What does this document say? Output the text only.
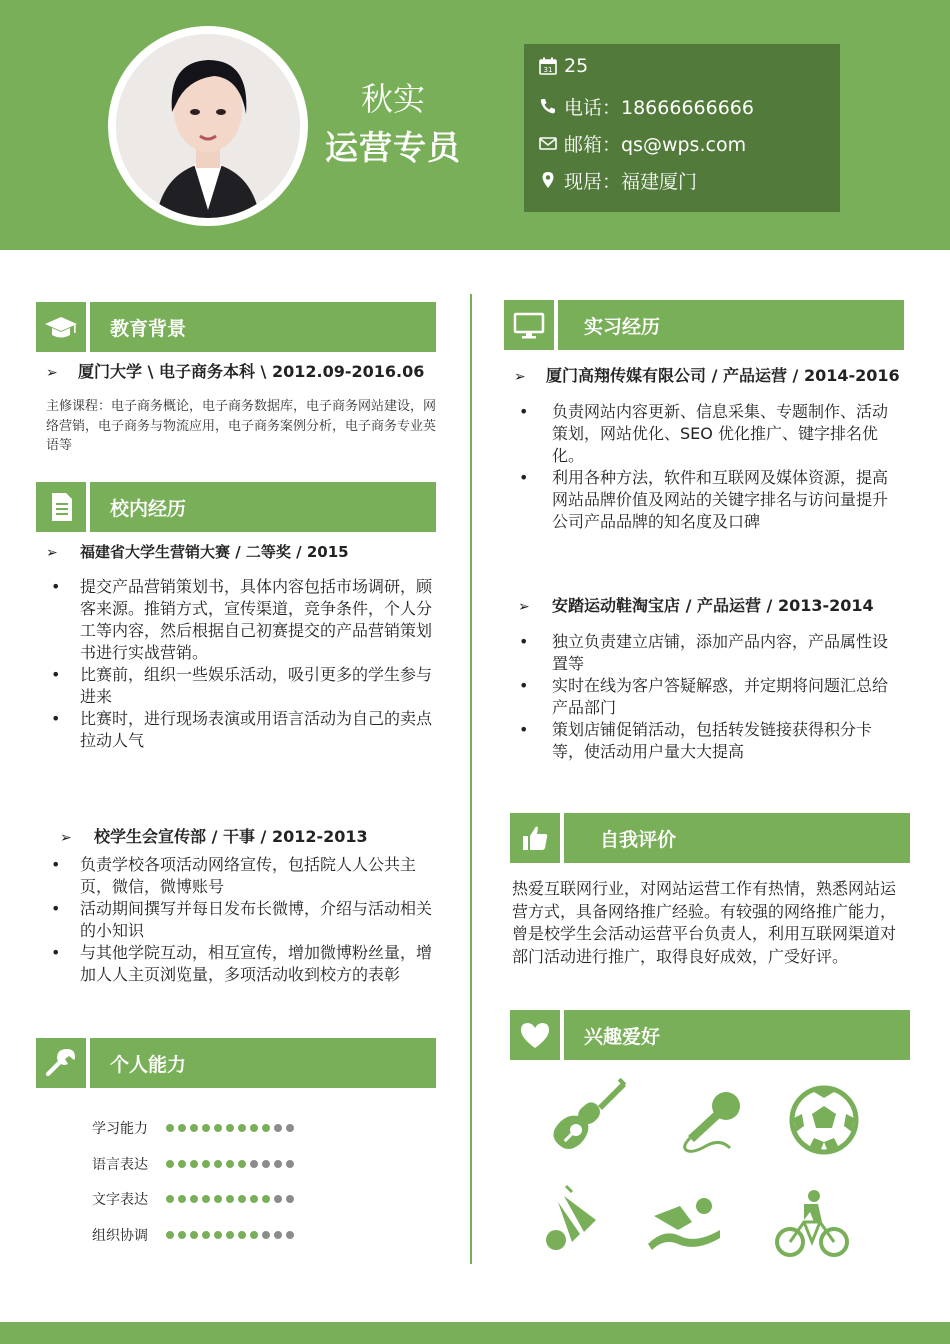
秋实
运营专员
31 25
电话：18666666666
邮箱：qs@wps.com
现居：福建厦门
教育背景
➢ 厦门大学 \ 电子商务本科 \ 2012.09-2016.06
主修课程：电子商务概论，电子商务数据库，电子商务网站建设，网络营销，电子商务与物流应用，电子商务案例分析，电子商务专业英语等
校内经历
➢ 福建省大学生营销大赛 / 二等奖 / 2015
• 提交产品营销策划书，具体内容包括市场调研，顾客来源。推销方式，宣传渠道，竞争条件，个人分工等内容，然后根据自己初赛提交的产品营销策划书进行实战营销。
• 比赛前，组织一些娱乐活动，吸引更多的学生参与进来
• 比赛时，进行现场表演或用语言活动为自己的卖点拉动人气
➢ 校学生会宣传部 / 干事 / 2012-2013
• 负责学校各项活动网络宣传，包括院人人公共主页，微信，微博账号
• 活动期间撰写并每日发布长微博，介绍与活动相关的小知识
• 与其他学院互动，相互宣传，增加微博粉丝量，增加人人主页浏览量，多项活动收到校方的表彰
个人能力
学习能力
语言表达
文字表达
组织协调
实习经历
➢ 厦门高翔传媒有限公司 / 产品运营 / 2014-2016
• 负责网站内容更新、信息采集、专题制作、活动策划，网站优化、SEO 优化推广、键字排名优化。
• 利用各种方法，软件和互联网及媒体资源，提高网站品牌价值及网站的关键字排名与访问量提升公司产品品牌的知名度及口碑
➢ 安踏运动鞋淘宝店 / 产品运营 / 2013-2014
• 独立负责建立店铺，添加产品内容，产品属性设置等
• 实时在线为客户答疑解惑，并定期将问题汇总给产品部门
• 策划店铺促销活动，包括转发链接获得积分卡等，使活动用户量大大提高
自我评价
热爱互联网行业，对网站运营工作有热情，熟悉网站运营方式，具备网络推广经验。有较强的网络推广能力，曾是校学生会活动运营平台负责人，利用互联网渠道对部门活动进行推广，取得良好成效，广受好评。
兴趣爱好
